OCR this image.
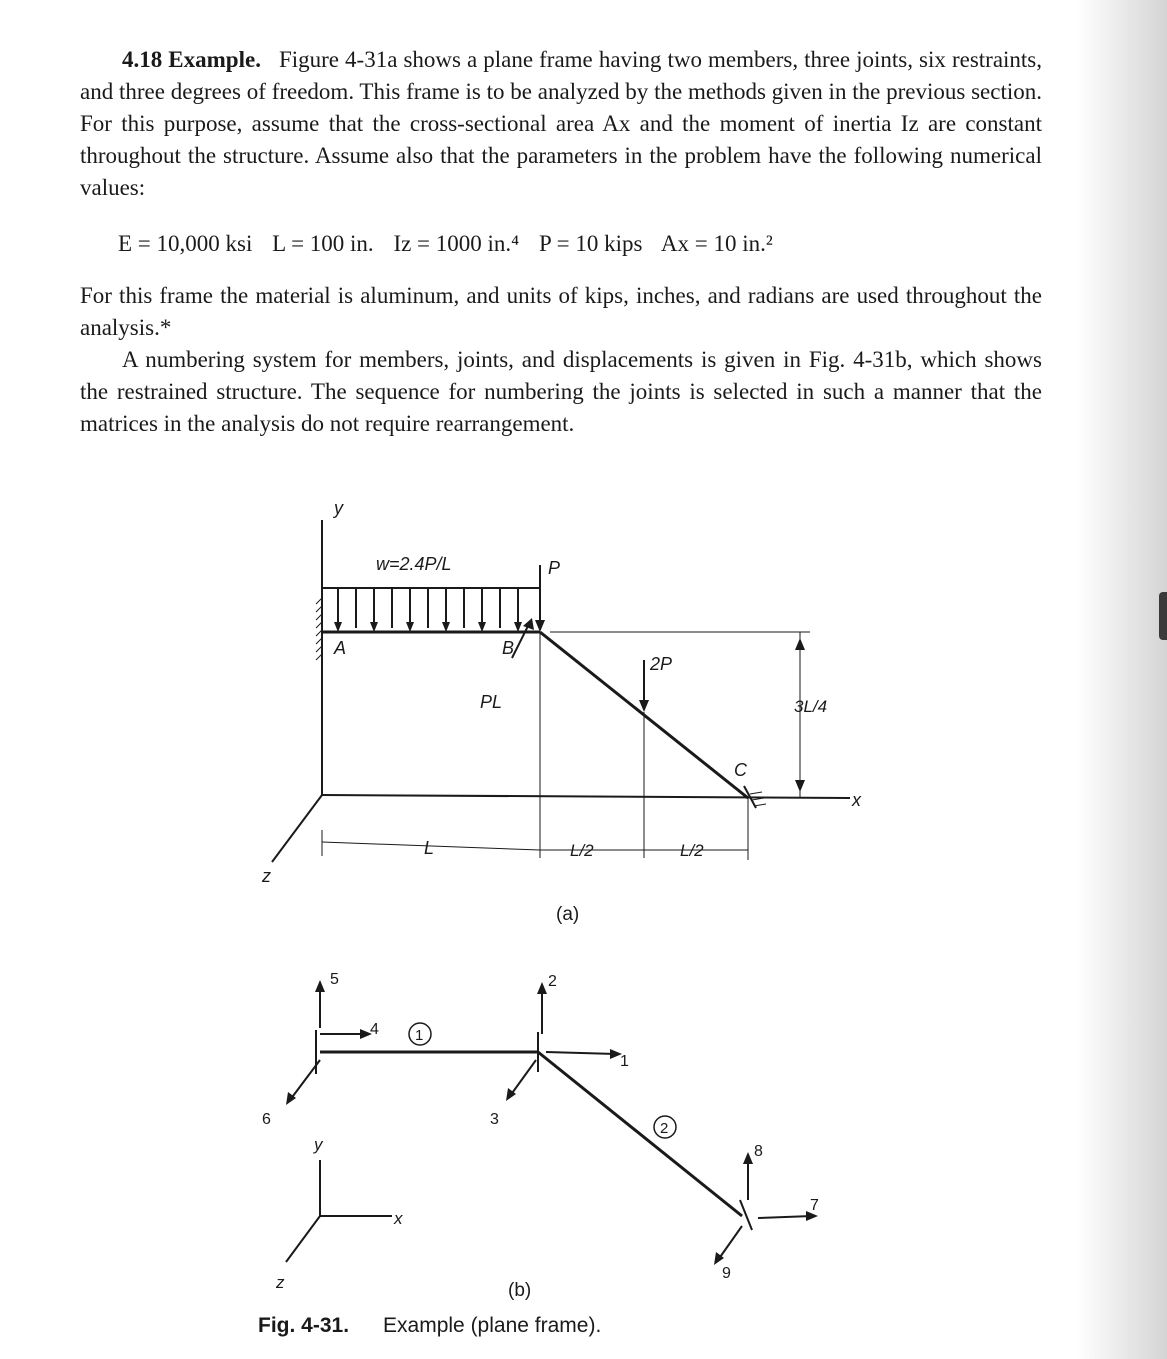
4.18 Example. Figure 4-31a shows a plane frame having two members, three joints, six restraints, and three degrees of freedom. This frame is to be analyzed by the methods given in the previous section. For this purpose, assume that the cross-sectional area Ax and the moment of inertia Iz are constant throughout the structure. Assume also that the parameters in the problem have the following numerical values:
E = 10,000 ksi L = 100 in. Iz = 1000 in.⁴ P = 10 kips Ax = 10 in.²
For this frame the material is aluminum, and units of kips, inches, and radians are used throughout the analysis.*
A numbering system for members, joints, and displacements is given in Fig. 4-31b, which shows the restrained structure. The sequence for numbering the joints is selected in such a manner that the matrices in the analysis do not require rearrangement.
y
x
z
w=2.4P/L	P
2P
PL
A	B
C
L	L/2	L/2
3L/4
(a)
1
2
1
2
3
4
5
6
7
8
9
x
y
z	(b)
Fig. 4-31. Example (plane frame).
